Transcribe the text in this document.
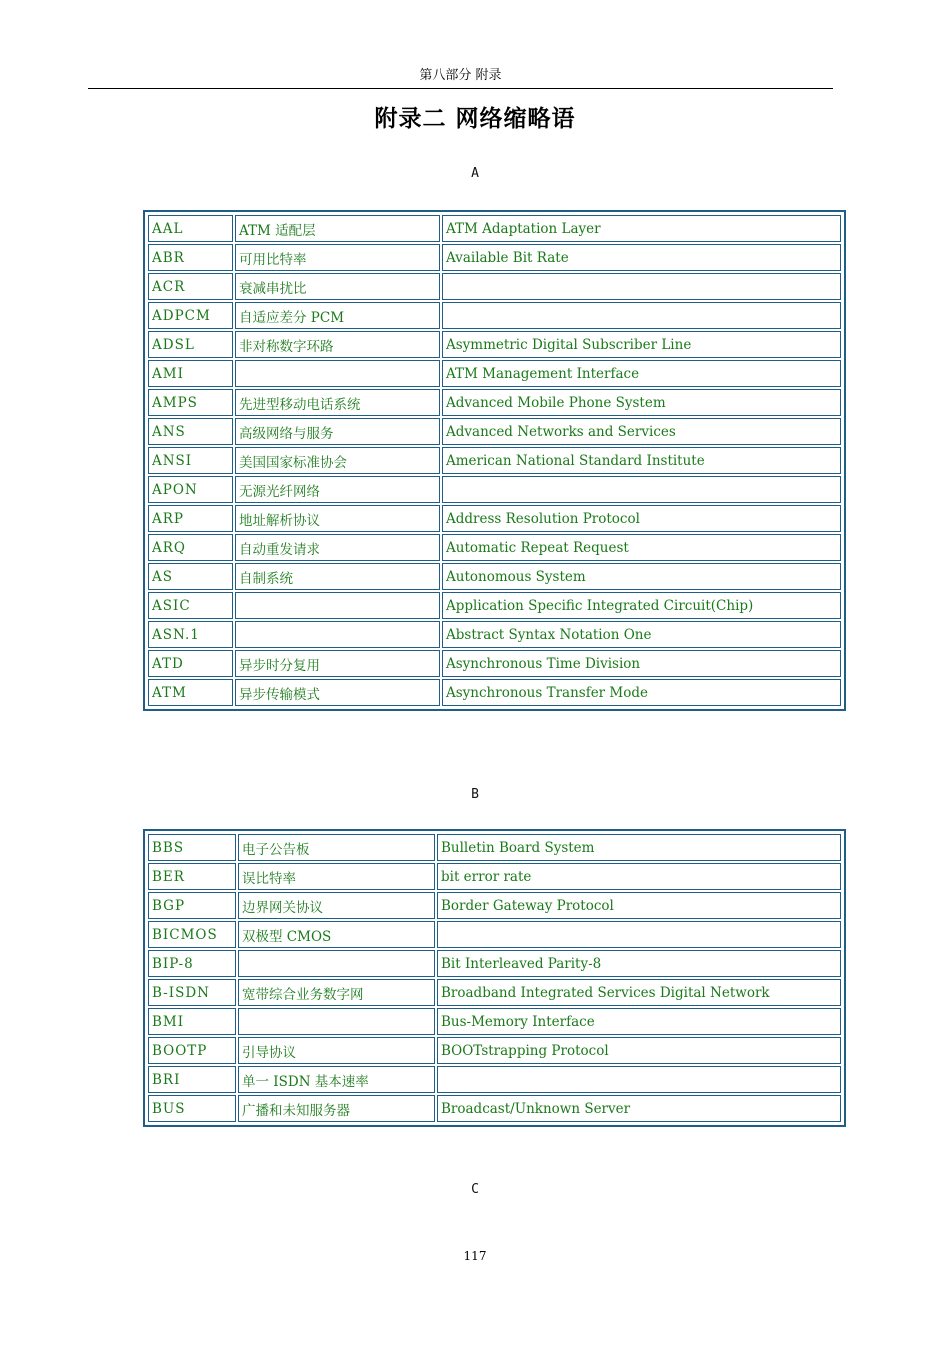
第八部分 附录
附录二 网络缩略语
A
AAL	ATM 适配层	ATM Adaptation Layer
ABR	可用比特率	Available Bit Rate
ACR	衰减串扰比	
ADPCM	自适应差分 PCM	
ADSL	非对称数字环路	Asymmetric Digital Subscriber Line
AMI		ATM Management Interface
AMPS	先进型移动电话系统	Advanced Mobile Phone System
ANS	高级网络与服务	Advanced Networks and Services
ANSI	美国国家标准协会	American National Standard Institute
APON	无源光纤网络	
ARP	地址解析协议	Address Resolution Protocol
ARQ	自动重发请求	Automatic Repeat Request
AS	自制系统	Autonomous System
ASIC		Application Specific Integrated Circuit(Chip)
ASN.1		Abstract Syntax Notation One
ATD	异步时分复用	Asynchronous Time Division
ATM	异步传输模式	Asynchronous Transfer Mode
B
BBS	电子公告板	Bulletin Board System
BER	误比特率	bit error rate
BGP	边界网关协议	Border Gateway Protocol
BICMOS	双极型 CMOS	
BIP-8		Bit Interleaved Parity-8
B-ISDN	宽带综合业务数字网	Broadband Integrated Services Digital Network
BMI		Bus-Memory Interface
BOOTP	引导协议	BOOTstrapping Protocol
BRI	单一 ISDN 基本速率	
BUS	广播和未知服务器	Broadcast/Unknown Server
C
117
